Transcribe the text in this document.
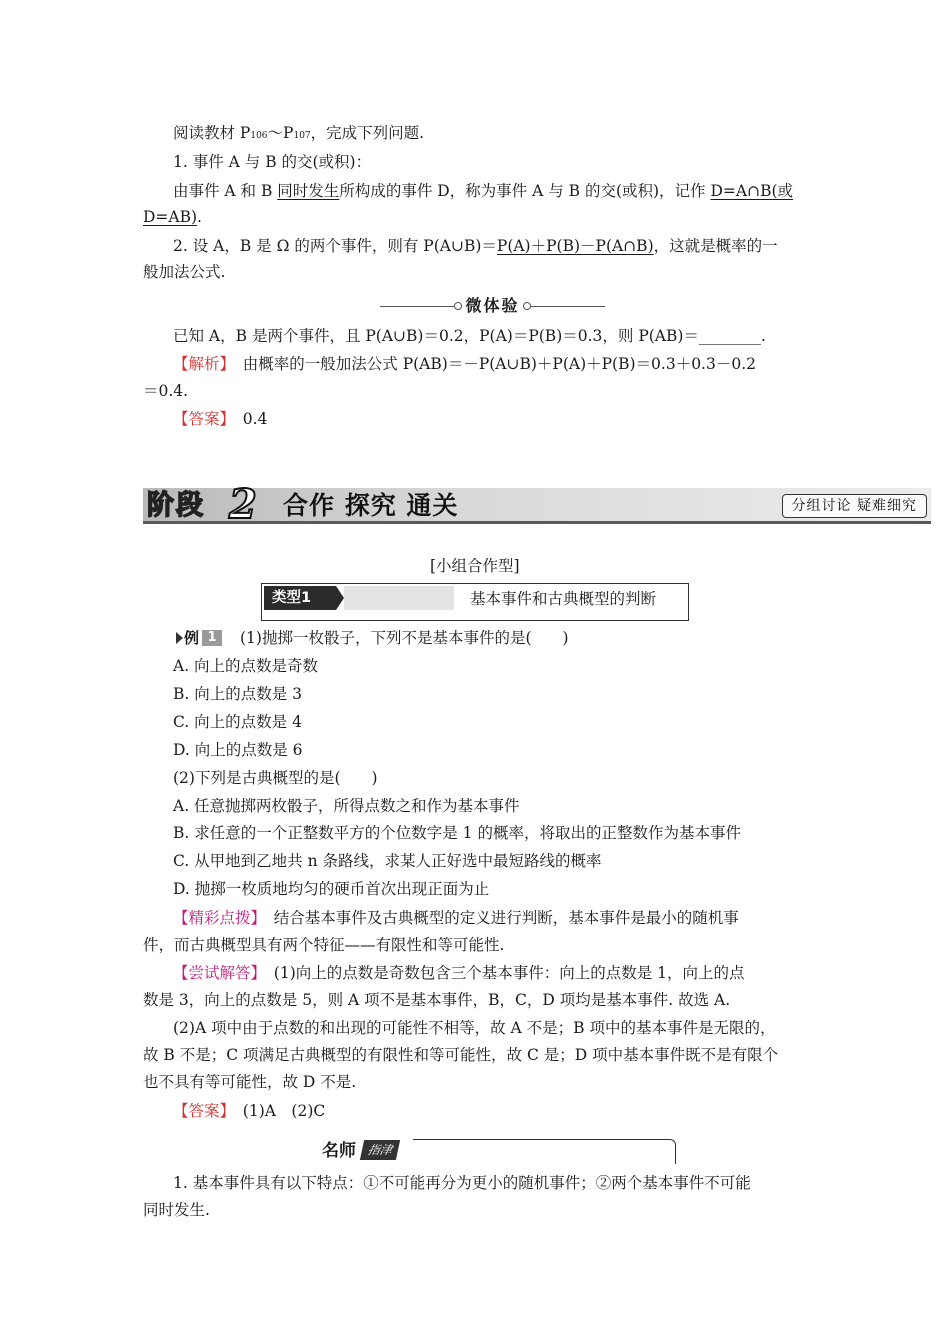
阅读教材 P106～P107，完成下列问题.
1. 事件 A 与 B 的交(或积)：
由事件 A 和 B 同时发生所构成的事件 D，称为事件 A 与 B 的交(或积)，记作 D=A∩B(或
D=AB).
2. 设 A，B 是 Ω 的两个事件，则有 P(A∪B)＝P(A)＋P(B)－P(A∩B)，这就是概率的一
般加法公式.
微体验
已知 A，B 是两个事件，且 P(A∪B)＝0.2，P(A)＝P(B)＝0.3，则 P(AB)＝________.
【解析】　 由概率的一般加法公式 P(AB)＝－P(A∪B)＋P(A)＋P(B)＝0.3＋0.3－0.2
＝0.4.
【答案】　 0.4
阶段 2 合作 探究 通关	分组讨论 疑难细究
[小组合作型]
类型1	基本事件和古典概型的判断
例 1	(1)抛掷一枚骰子，下列不是基本事件的是(　　)
A. 向上的点数是奇数
B. 向上的点数是 3
C. 向上的点数是 4
D. 向上的点数是 6
(2)下列是古典概型的是(　　)
A. 任意抛掷两枚骰子，所得点数之和作为基本事件
B. 求任意的一个正整数平方的个位数字是 1 的概率，将取出的正整数作为基本事件
C. 从甲地到乙地共 n 条路线，求某人正好选中最短路线的概率
D. 抛掷一枚质地均匀的硬币首次出现正面为止
【精彩点拨】　 结合基本事件及古典概型的定义进行判断，基本事件是最小的随机事
件，而古典概型具有两个特征——有限性和等可能性.
【尝试解答】　 (1)向上的点数是奇数包含三个基本事件：向上的点数是 1，向上的点
数是 3，向上的点数是 5，则 A 项不是基本事件，B，C，D 项均是基本事件. 故选 A.
(2)A 项中由于点数的和出现的可能性不相等，故 A 不是；B 项中的基本事件是无限的，
故 B 不是；C 项满足古典概型的有限性和等可能性，故 C 是；D 项中基本事件既不是有限个
也不具有等可能性，故 D 不是.
【答案】　 (1)A　(2)C
名师 指津
1. 基本事件具有以下特点：①不可能再分为更小的随机事件；②两个基本事件不可能
同时发生.
